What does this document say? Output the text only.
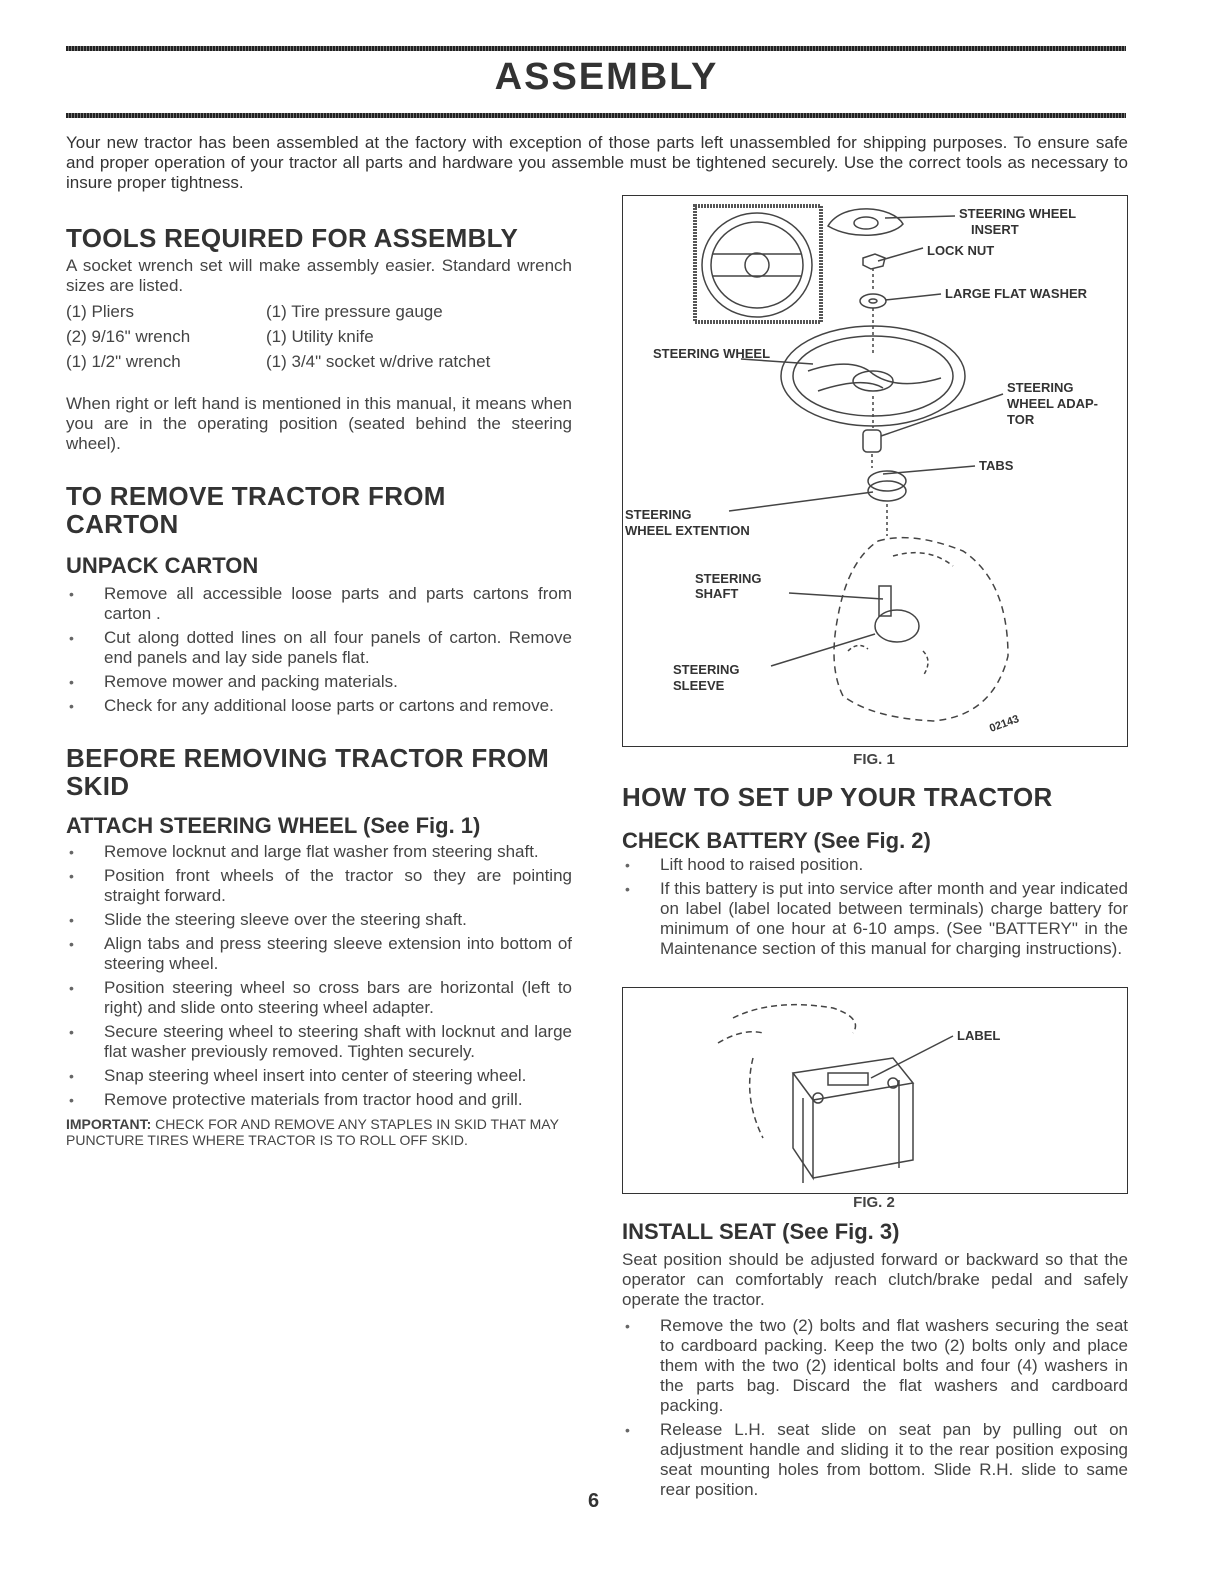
ASSEMBLY
Your new tractor has been assembled at the factory with exception of those parts left unassembled for shipping purposes. To ensure safe and proper operation of your tractor all parts and hardware you assemble must be tightened securely. Use the correct tools as necessary to insure proper tightness.
TOOLS REQUIRED FOR ASSEMBLY
A socket wrench set will make assembly easier. Standard wrench sizes are listed.
(1) Pliers	(1) Tire pressure gauge
(2) 9/16" wrench	(1) Utility knife
(1) 1/2" wrench	(1) 3/4" socket w/drive ratchet
When right or left hand is mentioned in this manual, it means when you are in the operating position (seated behind the steering wheel).
TO REMOVE TRACTOR FROM CARTON
UNPACK CARTON
• Remove all accessible loose parts and parts cartons from carton .
• Cut along dotted lines on all four panels of carton. Remove end panels and lay side panels flat.
• Remove mower and packing materials.
• Check for any additional loose parts or cartons and remove.
BEFORE REMOVING TRACTOR FROM SKID
ATTACH STEERING WHEEL (See Fig. 1)
• Remove locknut and large flat washer from steering shaft.
• Position front wheels of the tractor so they are pointing straight forward.
• Slide the steering sleeve over the steering shaft.
• Align tabs and press steering sleeve extension into bottom of steering wheel.
• Position steering wheel so cross bars are horizontal (left to right) and slide onto steering wheel adapter.
• Secure steering wheel to steering shaft with locknut and large flat washer previously removed. Tighten securely.
• Snap steering wheel insert into center of steering wheel.
• Remove protective materials from tractor hood and grill.
IMPORTANT: CHECK FOR AND REMOVE ANY STAPLES IN SKID THAT MAY PUNCTURE TIRES WHERE TRACTOR IS TO ROLL OFF SKID.
STEERING WHEEL
INSERT
LOCK NUT
LARGE FLAT WASHER
STEERING WHEEL
STEERING
WHEEL ADAP-
TOR
TABS
STEERING
WHEEL EXTENTION
STEERING
SHAFT
STEERING
SLEEVE
02143
FIG. 1
HOW TO SET UP YOUR TRACTOR
CHECK BATTERY (See Fig. 2)
• Lift hood to raised position.
• If this battery is put into service after month and year indicated on label (label located between terminals) charge battery for minimum of one hour at 6-10 amps. (See "BATTERY" in the Maintenance section of this manual for charging instructions).
LABEL
FIG. 2
INSTALL SEAT (See Fig. 3)
Seat position should be adjusted forward or backward so that the operator can comfortably reach clutch/brake pedal and safely operate the tractor.
• Remove the two (2) bolts and flat washers securing the seat to cardboard packing. Keep the two (2) bolts only and place them with the two (2) identical bolts and four (4) washers in the parts bag. Discard the flat washers and cardboard packing.
• Release L.H. seat slide on seat pan by pulling out on adjustment handle and sliding it to the rear position exposing seat mounting holes from bottom. Slide R.H. slide to same rear position.
6
